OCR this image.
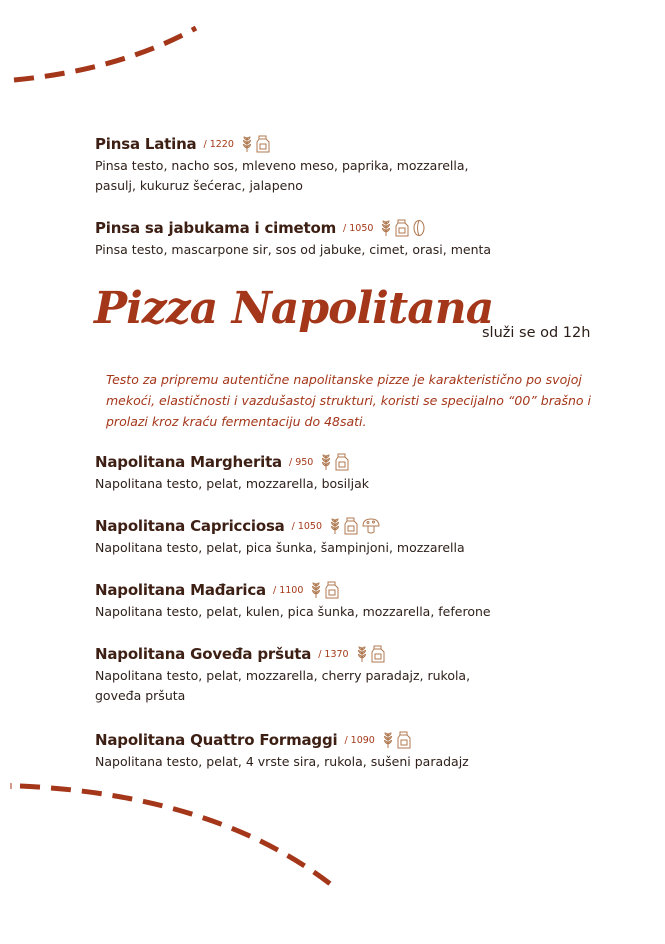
Pinsa Latina / 1220
Pinsa testo, nacho sos, mleveno meso, paprika, mozzarella,
pasulj, kukuruz šećerac, jalapeno
Pinsa sa jabukama i cimetom / 1050
Pinsa testo, mascarpone sir, sos od jabuke, cimet, orasi, menta
Pizza Napolitana
služi se od 12h
Testo za pripremu autentične napolitanske pizze je karakteristično po svojoj mekoći, elastičnosti i vazdušastoj strukturi, koristi se specijalno “00” brašno i prolazi kroz kraću fermentaciju do 48sati.
Napolitana Margherita / 950
Napolitana testo, pelat, mozzarella, bosiljak
Napolitana Capricciosa / 1050
Napolitana testo, pelat, pica šunka, šampinjoni, mozzarella
Napolitana Mađarica / 1100
Napolitana testo, pelat, kulen, pica šunka, mozzarella, feferone
Napolitana Goveđa pršuta / 1370
Napolitana testo, pelat, mozzarella, cherry paradajz, rukola,
goveđa pršuta
Napolitana Quattro Formaggi / 1090
Napolitana testo, pelat, 4 vrste sira, rukola, sušeni paradajz
